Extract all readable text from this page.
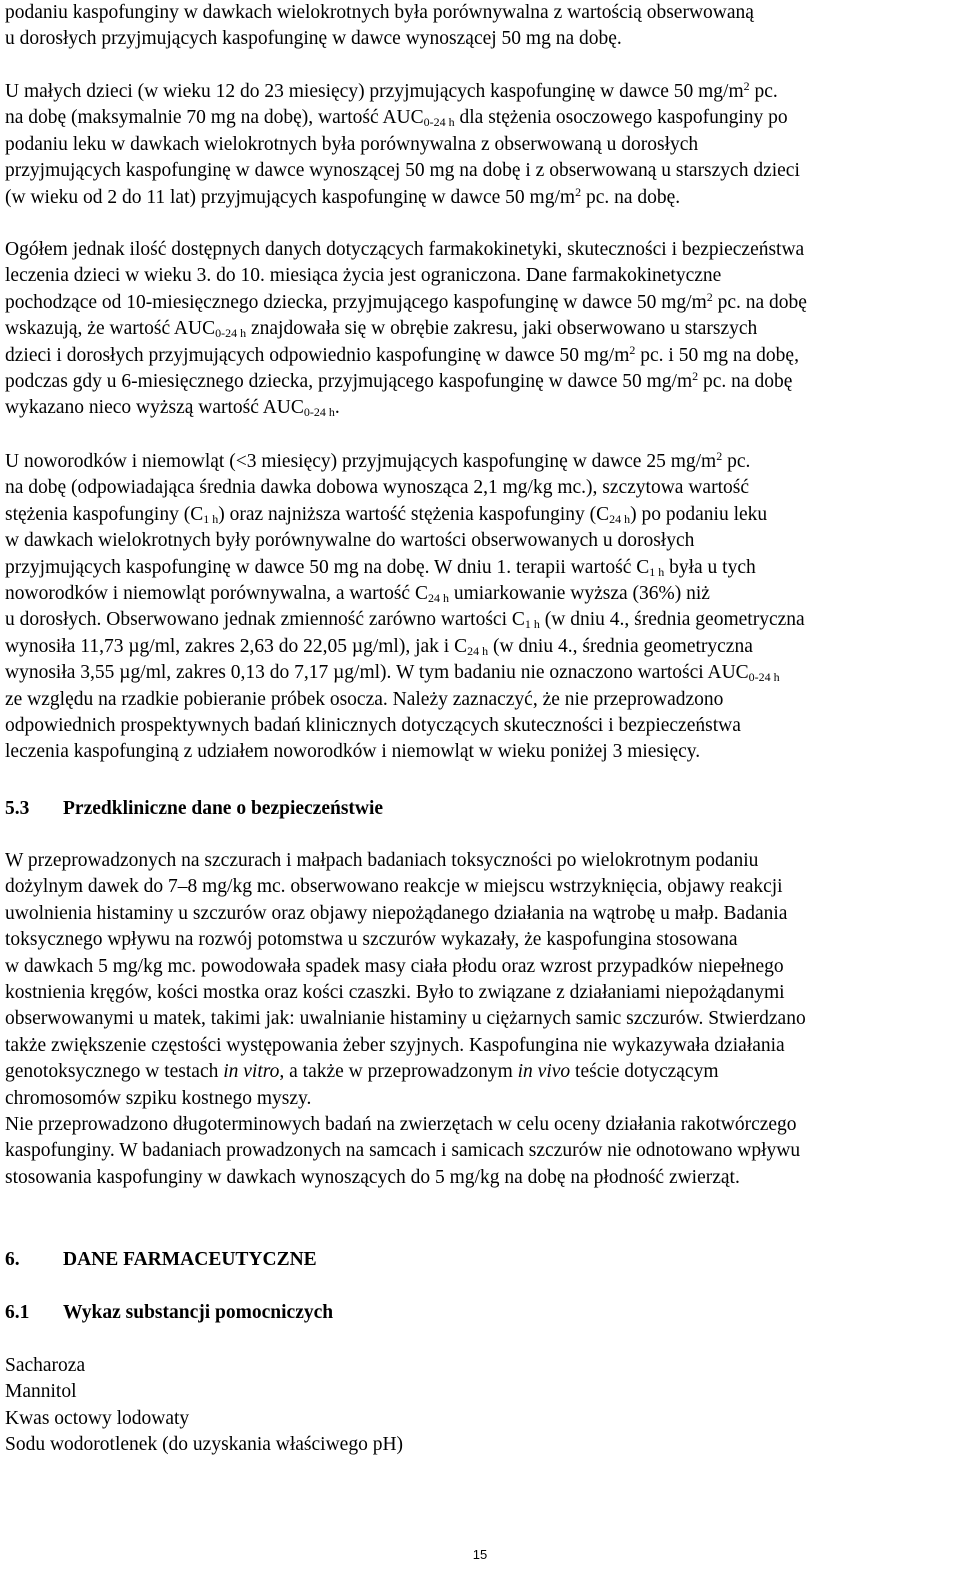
podaniu kaspofunginy w dawkach wielokrotnych była porównywalna z wartością obserwowaną
u dorosłych przyjmujących kaspofunginę w dawce wynoszącej 50 mg na dobę.
U małych dzieci (w wieku 12 do 23 miesięcy) przyjmujących kaspofunginę w dawce 50 $mg/m^2$ pc.
na dobę (maksymalnie 70 mg na dobę), wartość $AUC_{0-24 h}$ dla stężenia osoczowego kaspofunginy po
podaniu leku w dawkach wielokrotnych była porównywalna z obserwowaną u dorosłych
przyjmujących kaspofunginę w dawce wynoszącej 50 mg na dobę i z obserwowaną u starszych dzieci
(w wieku od 2 do 11 lat) przyjmujących kaspofunginę w dawce 50 $mg/m^2$ pc. na dobę.
Ogółem jednak ilość dostępnych danych dotyczących farmakokinetyki, skuteczności i bezpieczeństwa
leczenia dzieci w wieku 3. do 10. miesiąca życia jest ograniczona. Dane farmakokinetyczne
pochodzące od 10-miesięcznego dziecka, przyjmującego kaspofunginę w dawce 50 $mg/m^2$ pc. na dobę
wskazują, że wartość $AUC_{0-24 h}$ znajdowała się w obrębie zakresu, jaki obserwowano u starszych
dzieci i dorosłych przyjmujących odpowiednio kaspofunginę w dawce 50 $mg/m^2$ pc. i 50 mg na dobę,
podczas gdy u 6-miesięcznego dziecka, przyjmującego kaspofunginę w dawce 50 $mg/m^2$ pc. na dobę
wykazano nieco wyższą wartość $AUC_{0-24 h}$.
U noworodków i niemowląt (<3 miesięcy) przyjmujących kaspofunginę w dawce 25 $mg/m^2$ pc.
na dobę (odpowiadająca średnia dawka dobowa wynosząca 2,1 mg/kg mc.), szczytowa wartość
stężenia kaspofunginy $(C_{1 h})$ oraz najniższa wartość stężenia kaspofunginy $(C_{24 h})$ po podaniu leku
w dawkach wielokrotnych były porównywalne do wartości obserwowanych u dorosłych
przyjmujących kaspofunginę w dawce 50 mg na dobę. W dniu 1. terapii wartość $C_{1 h}$ była u tych
noworodków i niemowląt porównywalna, a wartość $C_{24 h}$ umiarkowanie wyższa (36%) niż
u dorosłych. Obserwowano jednak zmienność zarówno wartości $C_{1 h}$ (w dniu 4., średnia geometryczna
wynosiła 11,73 µg/ml, zakres 2,63 do 22,05 µg/ml), jak i $C_{24 h}$ (w dniu 4., średnia geometryczna
wynosiła 3,55 µg/ml, zakres 0,13 do 7,17 µg/ml). W tym badaniu nie oznaczono wartości $AUC_{0-24 h}$
ze względu na rzadkie pobieranie próbek osocza. Należy zaznaczyć, że nie przeprowadzono
odpowiednich prospektywnych badań klinicznych dotyczących skuteczności i bezpieczeństwa
leczenia kaspofunginą z udziałem noworodków i niemowląt w wieku poniżej 3 miesięcy.
5.3 Przedkliniczne dane o bezpieczeństwie
W przeprowadzonych na szczurach i małpach badaniach toksyczności po wielokrotnym podaniu
dożylnym dawek do 7–8 mg/kg mc. obserwowano reakcje w miejscu wstrzyknięcia, objawy reakcji
uwolnienia histaminy u szczurów oraz objawy niepożądanego działania na wątrobę u małp. Badania
toksycznego wpływu na rozwój potomstwa u szczurów wykazały, że kaspofungina stosowana
w dawkach 5 mg/kg mc. powodowała spadek masy ciała płodu oraz wzrost przypadków niepełnego
kostnienia kręgów, kości mostka oraz kości czaszki. Było to związane z działaniami niepożądanymi
obserwowanymi u matek, takimi jak: uwalnianie histaminy u ciężarnych samic szczurów. Stwierdzano
także zwiększenie częstości występowania żeber szyjnych. Kaspofungina nie wykazywała działania
genotoksycznego w testach in vitro, a także w przeprowadzonym in vivo teście dotyczącym
chromosomów szpiku kostnego myszy.
Nie przeprowadzono długoterminowych badań na zwierzętach w celu oceny działania rakotwórczego
kaspofunginy. W badaniach prowadzonych na samcach i samicach szczurów nie odnotowano wpływu
stosowania kaspofunginy w dawkach wynoszących do 5 mg/kg na dobę na płodność zwierząt.
6. DANE FARMACEUTYCZNE
6.1 Wykaz substancji pomocniczych
Sacharoza
Mannitol
Kwas octowy lodowaty
Sodu wodorotlenek (do uzyskania właściwego pH)
15
